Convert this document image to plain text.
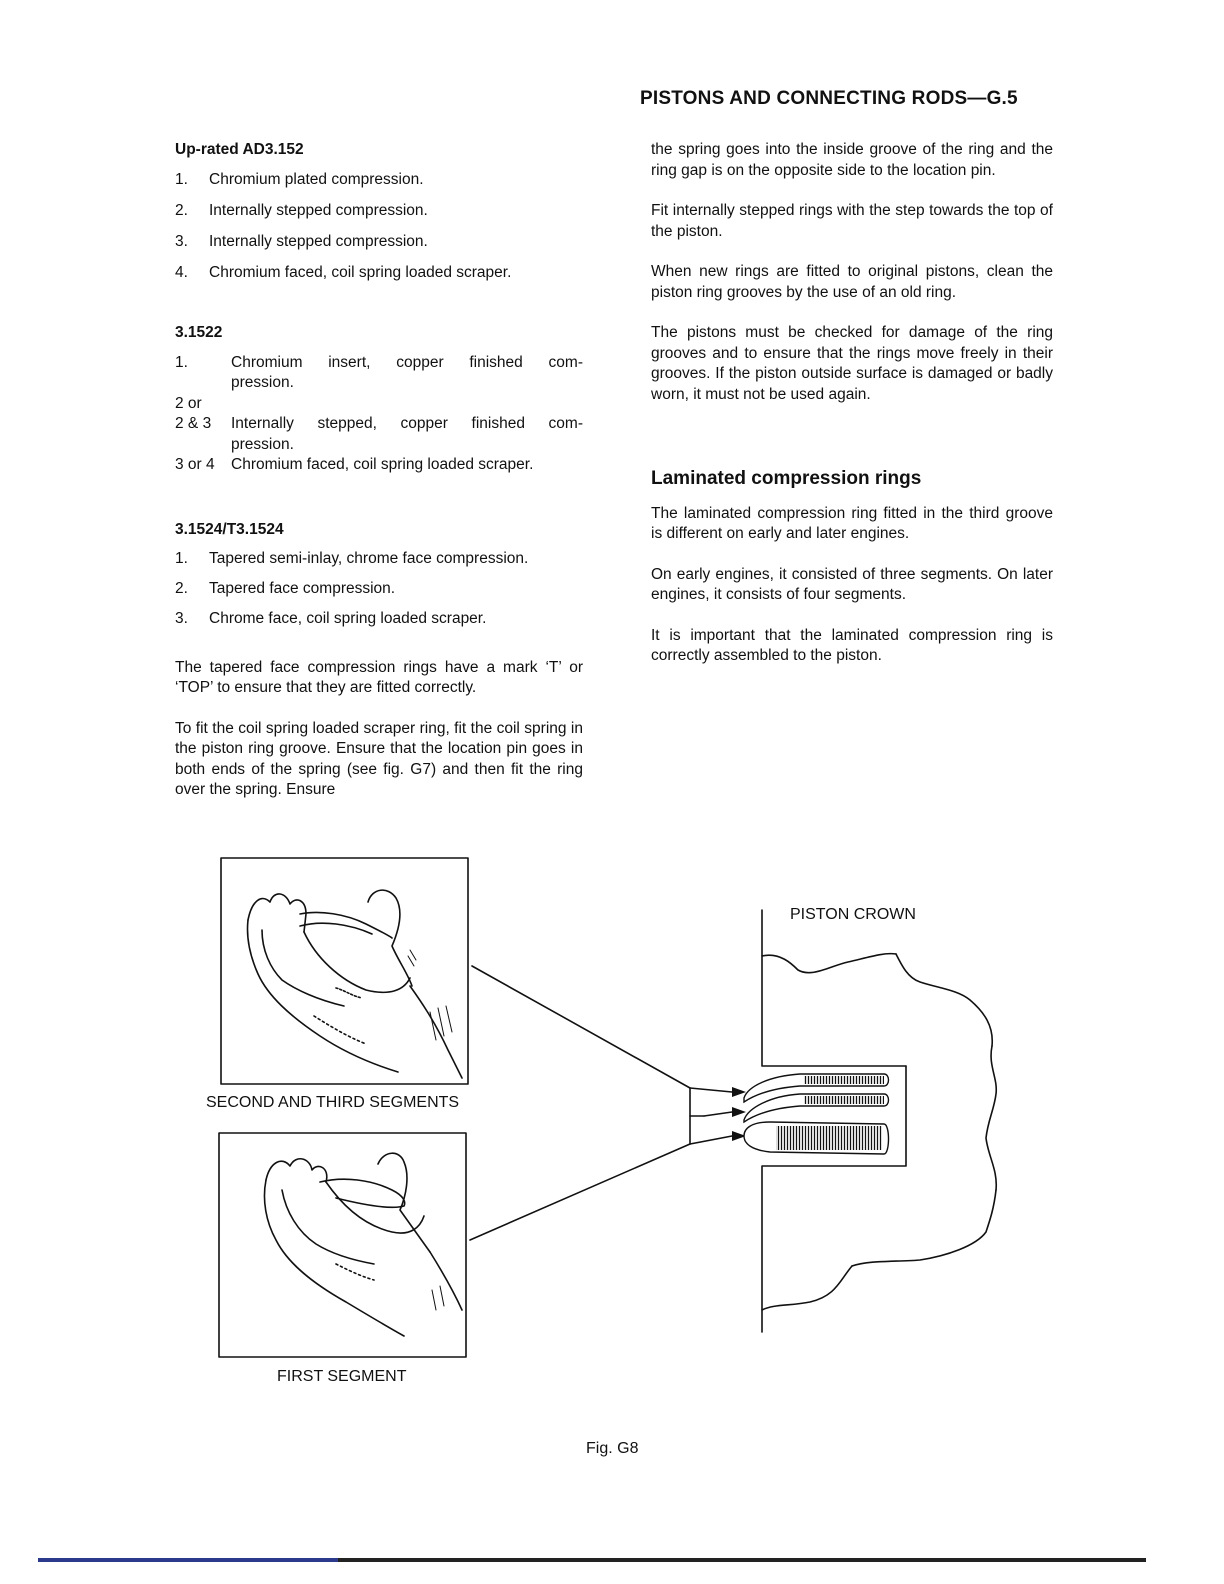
PISTONS AND CONNECTING RODS—G.5
Up-rated AD3.152
1.	Chromium plated compression.
2.	Internally stepped compression.
3.	Internally stepped compression.
4.	Chromium faced, coil spring loaded scraper.
3.1522
1.	Chromium insert, copper finished com-
pression.
2 or
2 & 3	Internally stepped, copper finished com-
pression.
3 or 4	Chromium faced, coil spring loaded scraper.
3.1524/T3.1524
1.	Tapered semi-inlay, chrome face compression.
2.	Tapered face compression.
3.	Chrome face, coil spring loaded scraper.

The tapered face compression rings have a mark ‘T’ or ‘TOP’ to ensure that they are fitted correctly.

To fit the coil spring loaded scraper ring, fit the coil spring in the piston ring groove. Ensure that the location pin goes in both ends of the spring (see fig. G7) and then fit the ring over the spring. Ensure

the spring goes into the inside groove of the ring and the ring gap is on the opposite side to the location pin.

Fit internally stepped rings with the step towards the top of the piston.

When new rings are fitted to original pistons, clean the piston ring grooves by the use of an old ring.

The pistons must be checked for damage of the ring grooves and to ensure that the rings move freely in their grooves. If the piston outside surface is damaged or badly worn, it must not be used again.

Laminated compression rings

The laminated compression ring fitted in the third groove is different on early and later engines.

On early engines, it consisted of three segments. On later engines, it consists of four segments.

It is important that the laminated compression ring is correctly assembled to the piston.

SECOND AND THIRD SEGMENTS
FIRST SEGMENT
PISTON CROWN
Fig. G8
